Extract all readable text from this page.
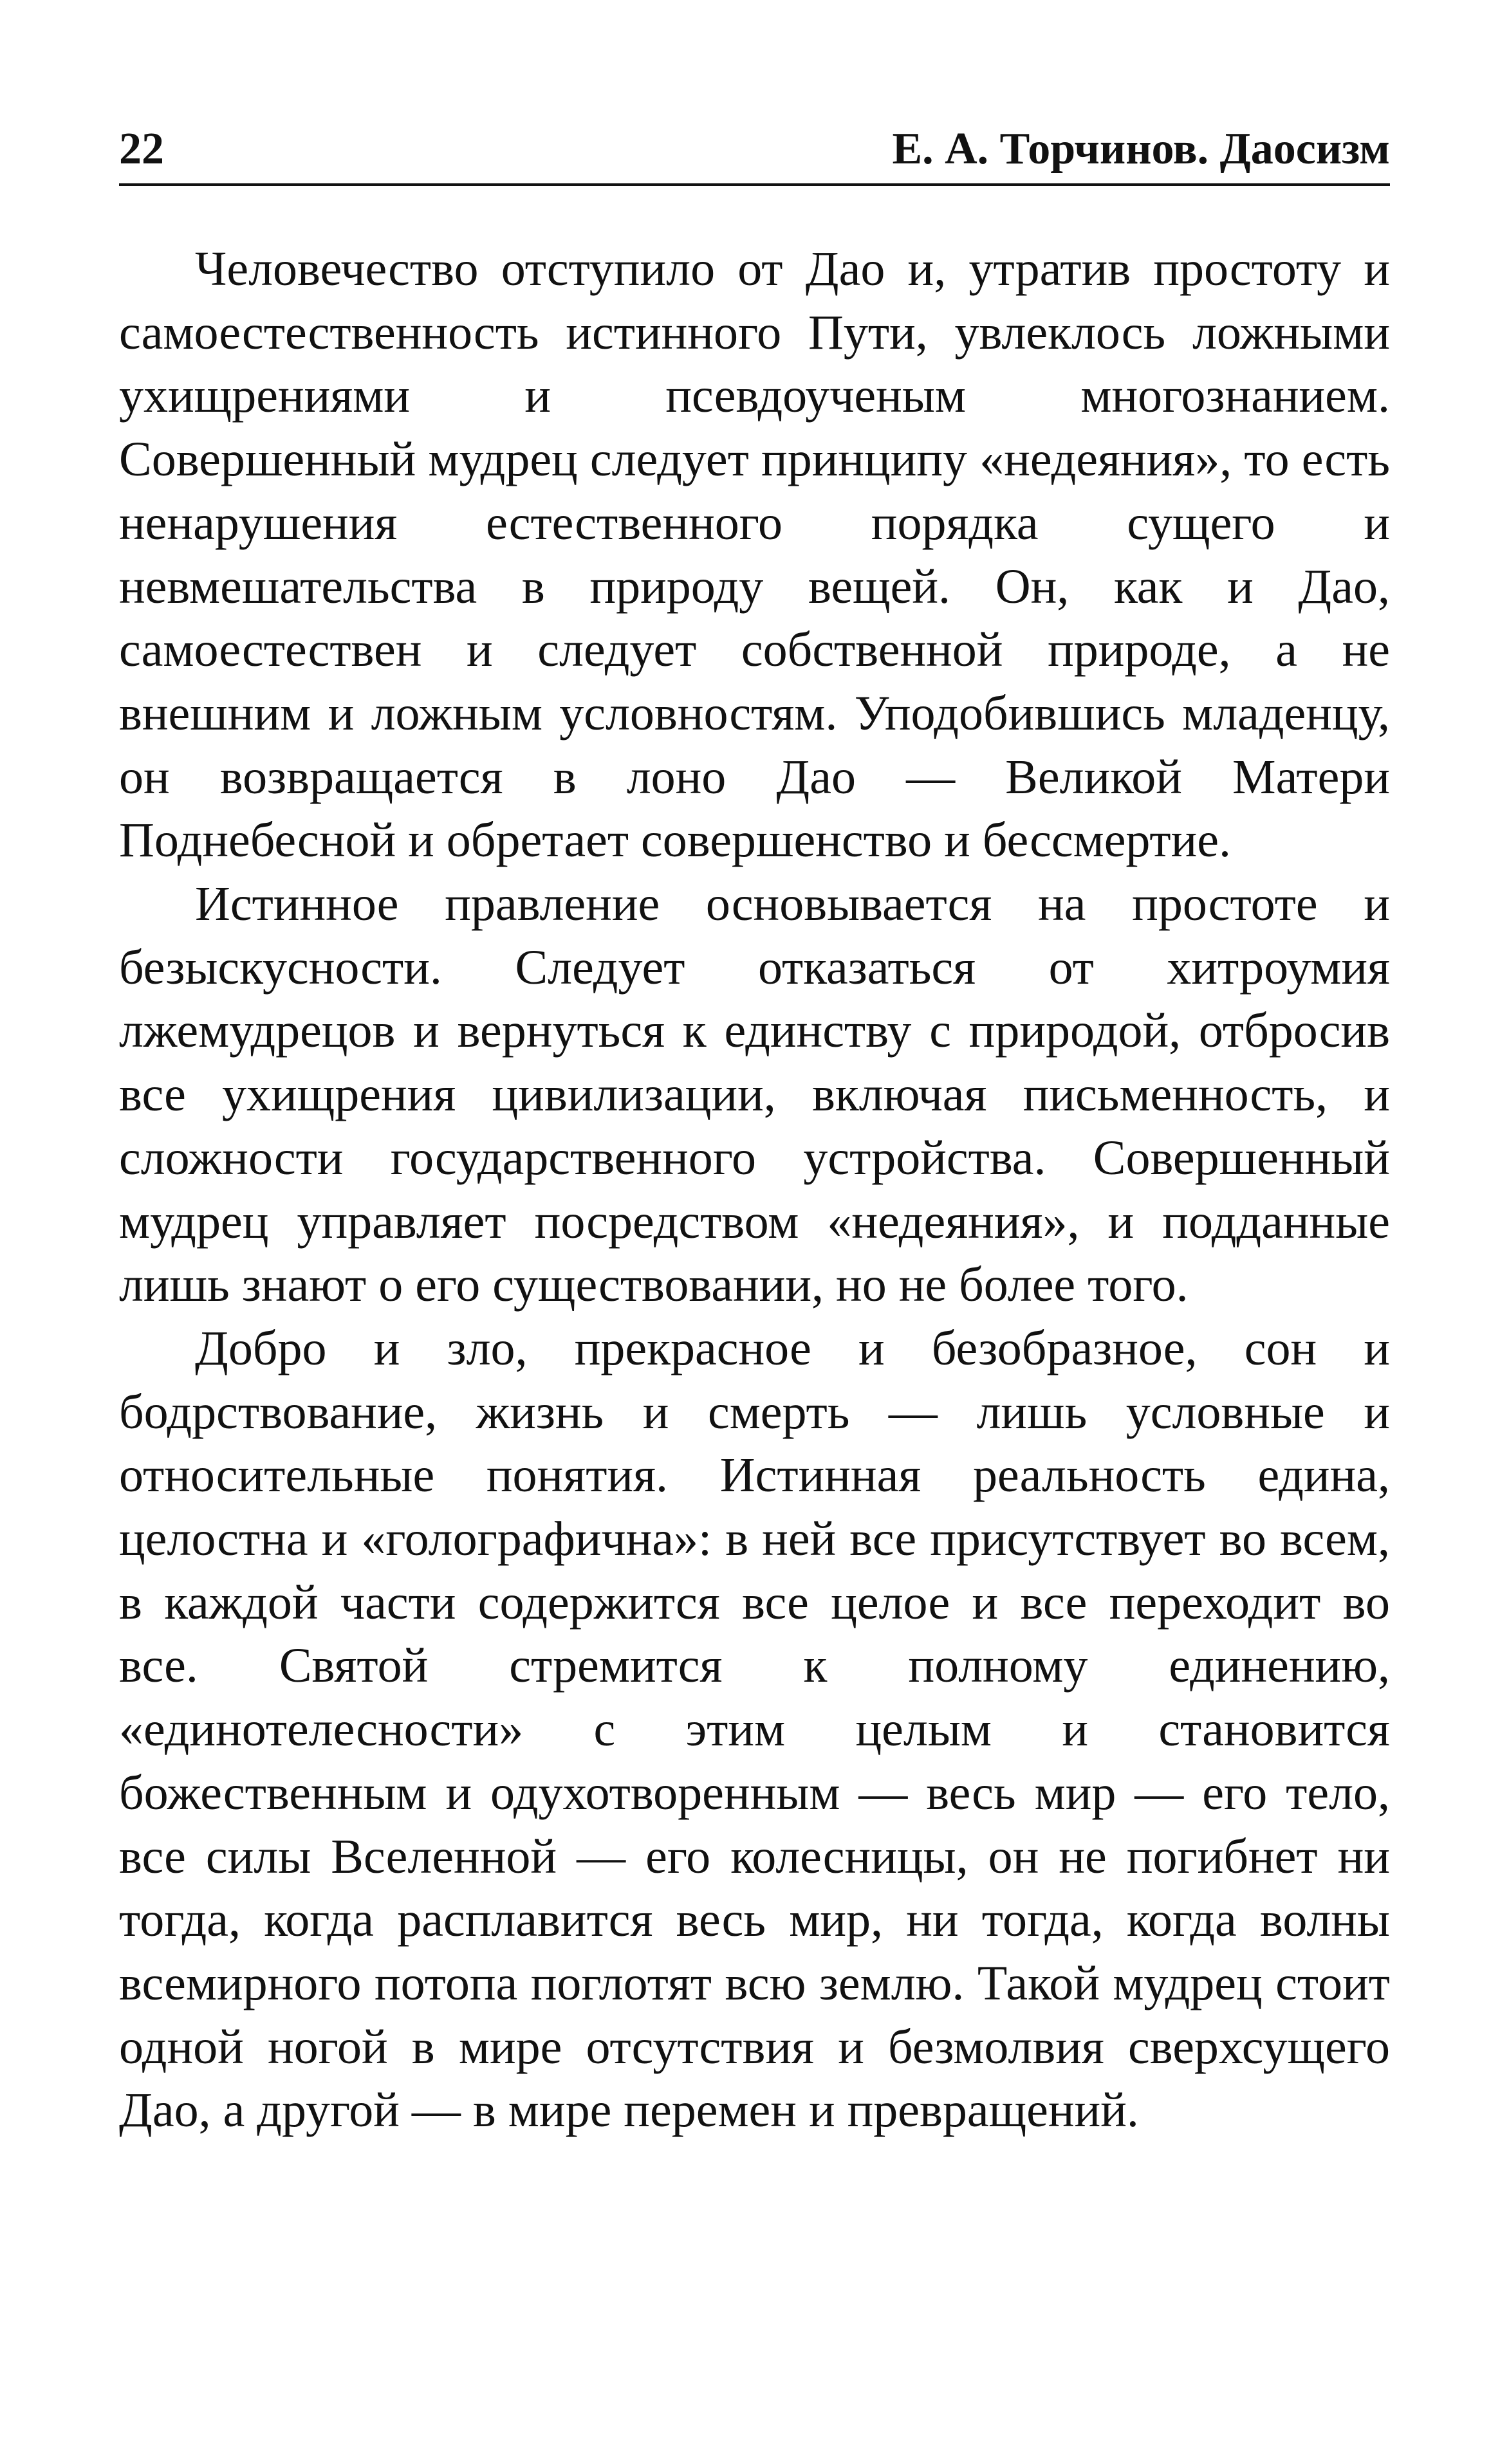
22	Е. А. Торчинов. Даосизм

Человечество отступило от Дао и, утратив простоту и самоестественность истинного Пути, увлеклось ложными ухищрениями и псевдоученым многознанием. Совершенный мудрец следует принципу «недеяния», то есть ненарушения естественного порядка сущего и невмешательства в природу вещей. Он, как и Дао, самоестествен и следует собственной природе, а не внешним и ложным условностям. Уподобившись младенцу, он возвращается в лоно Дао — Великой Матери Поднебесной и обретает совершенство и бессмертие.

Истинное правление основывается на простоте и безыскусности. Следует отказаться от хитроумия лжемудрецов и вернуться к единству с природой, отбросив все ухищрения цивилизации, включая письменность, и сложности государственного устройства. Совершенный мудрец управляет посредством «недеяния», и подданные лишь знают о его существовании, но не более того.

Добро и зло, прекрасное и безобразное, сон и бодрствование, жизнь и смерть — лишь условные и относительные понятия. Истинная реальность едина, целостна и «голографична»: в ней все присутствует во всем, в каждой части содержится все целое и все переходит во все. Святой стремится к полному единению, «единотелесности» с этим целым и становится божественным и одухотворенным — весь мир — его тело, все силы Вселенной — его колесницы, он не погибнет ни тогда, когда расплавится весь мир, ни тогда, когда волны всемирного потопа поглотят всю землю. Такой мудрец стоит одной ногой в мире отсутствия и безмолвия сверхсущего Дао, а другой — в мире перемен и превращений.
